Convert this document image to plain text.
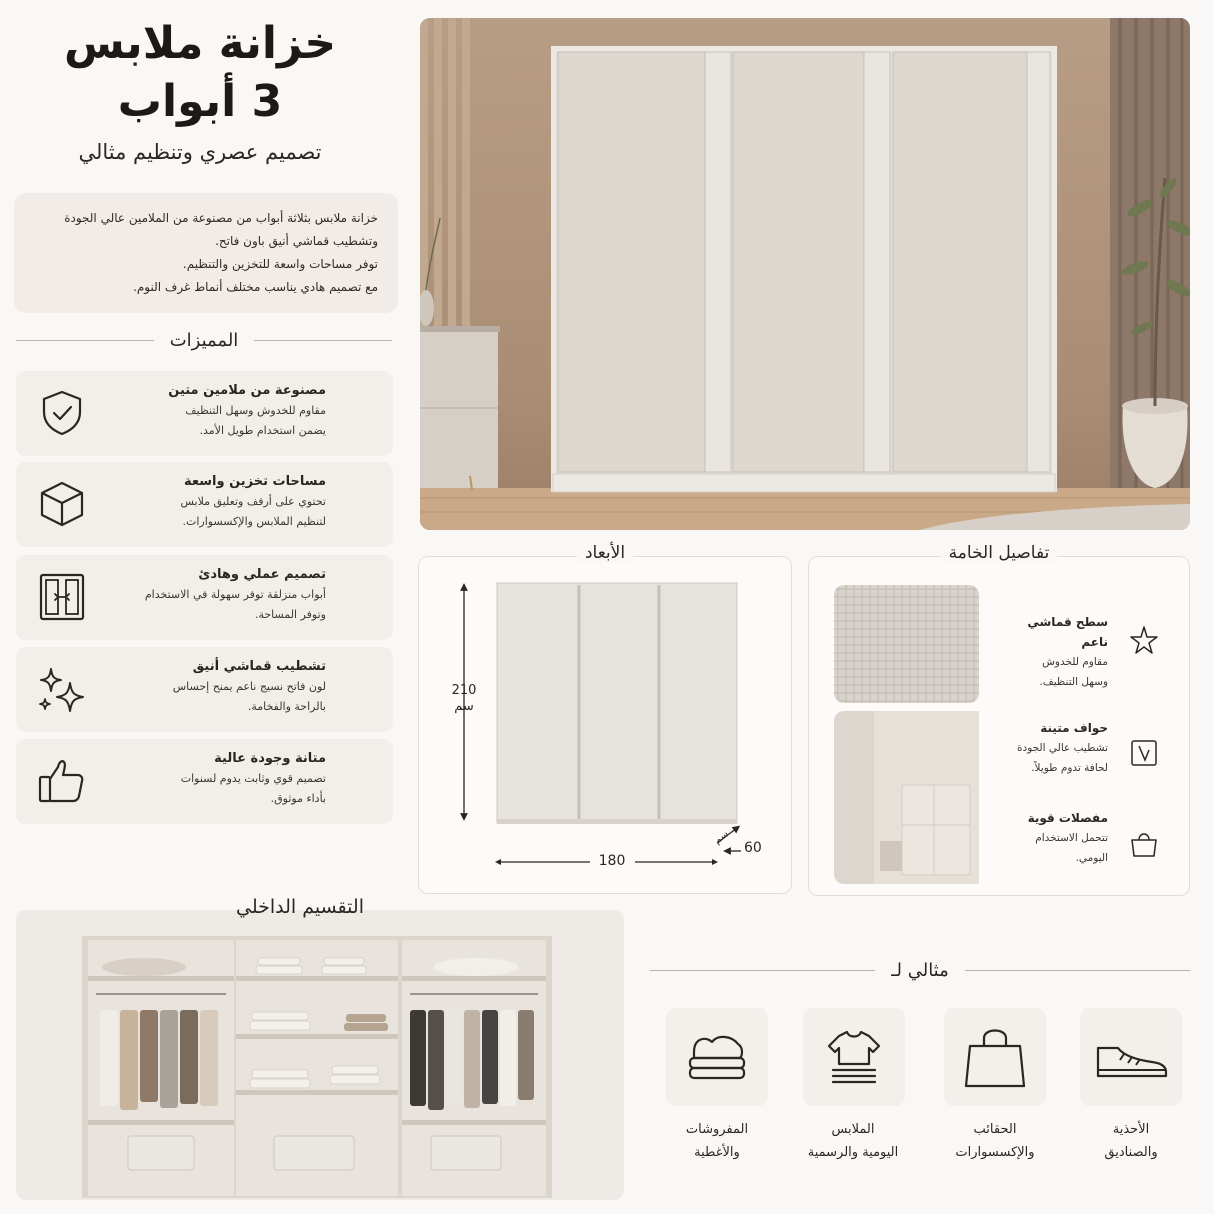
خزانة ملابس
3 أبواب
تصميم عصري وتنظيم مثالي

خزانة ملابس بثلاثة أبواب من مصنوعة من الملامين عالي الجودة

وتشطيب قماشي أنيق باون فاتح.

توفر مساحات واسعة للتخزين والتنظيم.

مع تصميم هادي يناسب مختلف أنماط غرف النوم.

المميزات
مصنوعة من ملامين متين
مقاوم للخدوش وسهل التنظيف
يضمن استخدام طويل الأمد.
مساحات تخزين واسعة
تحتوي على أرفف وتعليق ملابس
لتنظيم الملابس والإكسسوارات.
تصميم عملي وهادئ
أبواب منزلقة توفر سهولة في الاستخدام
وتوفر المساحة.
تشطيب قماشي أنيق
لون فاتح نسيج ناعم يمنح إحساس
بالراحة والفخامة.
متانة وجودة عالية
تصميم قوي وثابت يدوم لسنوات
بأداء موثوق.
الأبعاد
210
سم
180
60
سم
تفاصيل الخامة
سطح قماشي ناعم
مقاوم للخدوش
وسهل التنظيف.
حواف متينة
تشطيب عالي الجودة
لحافة تدوم طويلاً.
مفصلات قوية
تتحمل الاستخدام
اليومي.
التقسيم الداخلي
مثالي لـ
الأحذية
والصناديق
الحقائب
والإكسسوارات
الملابس
اليومية والرسمية
المفروشات
والأغطية
